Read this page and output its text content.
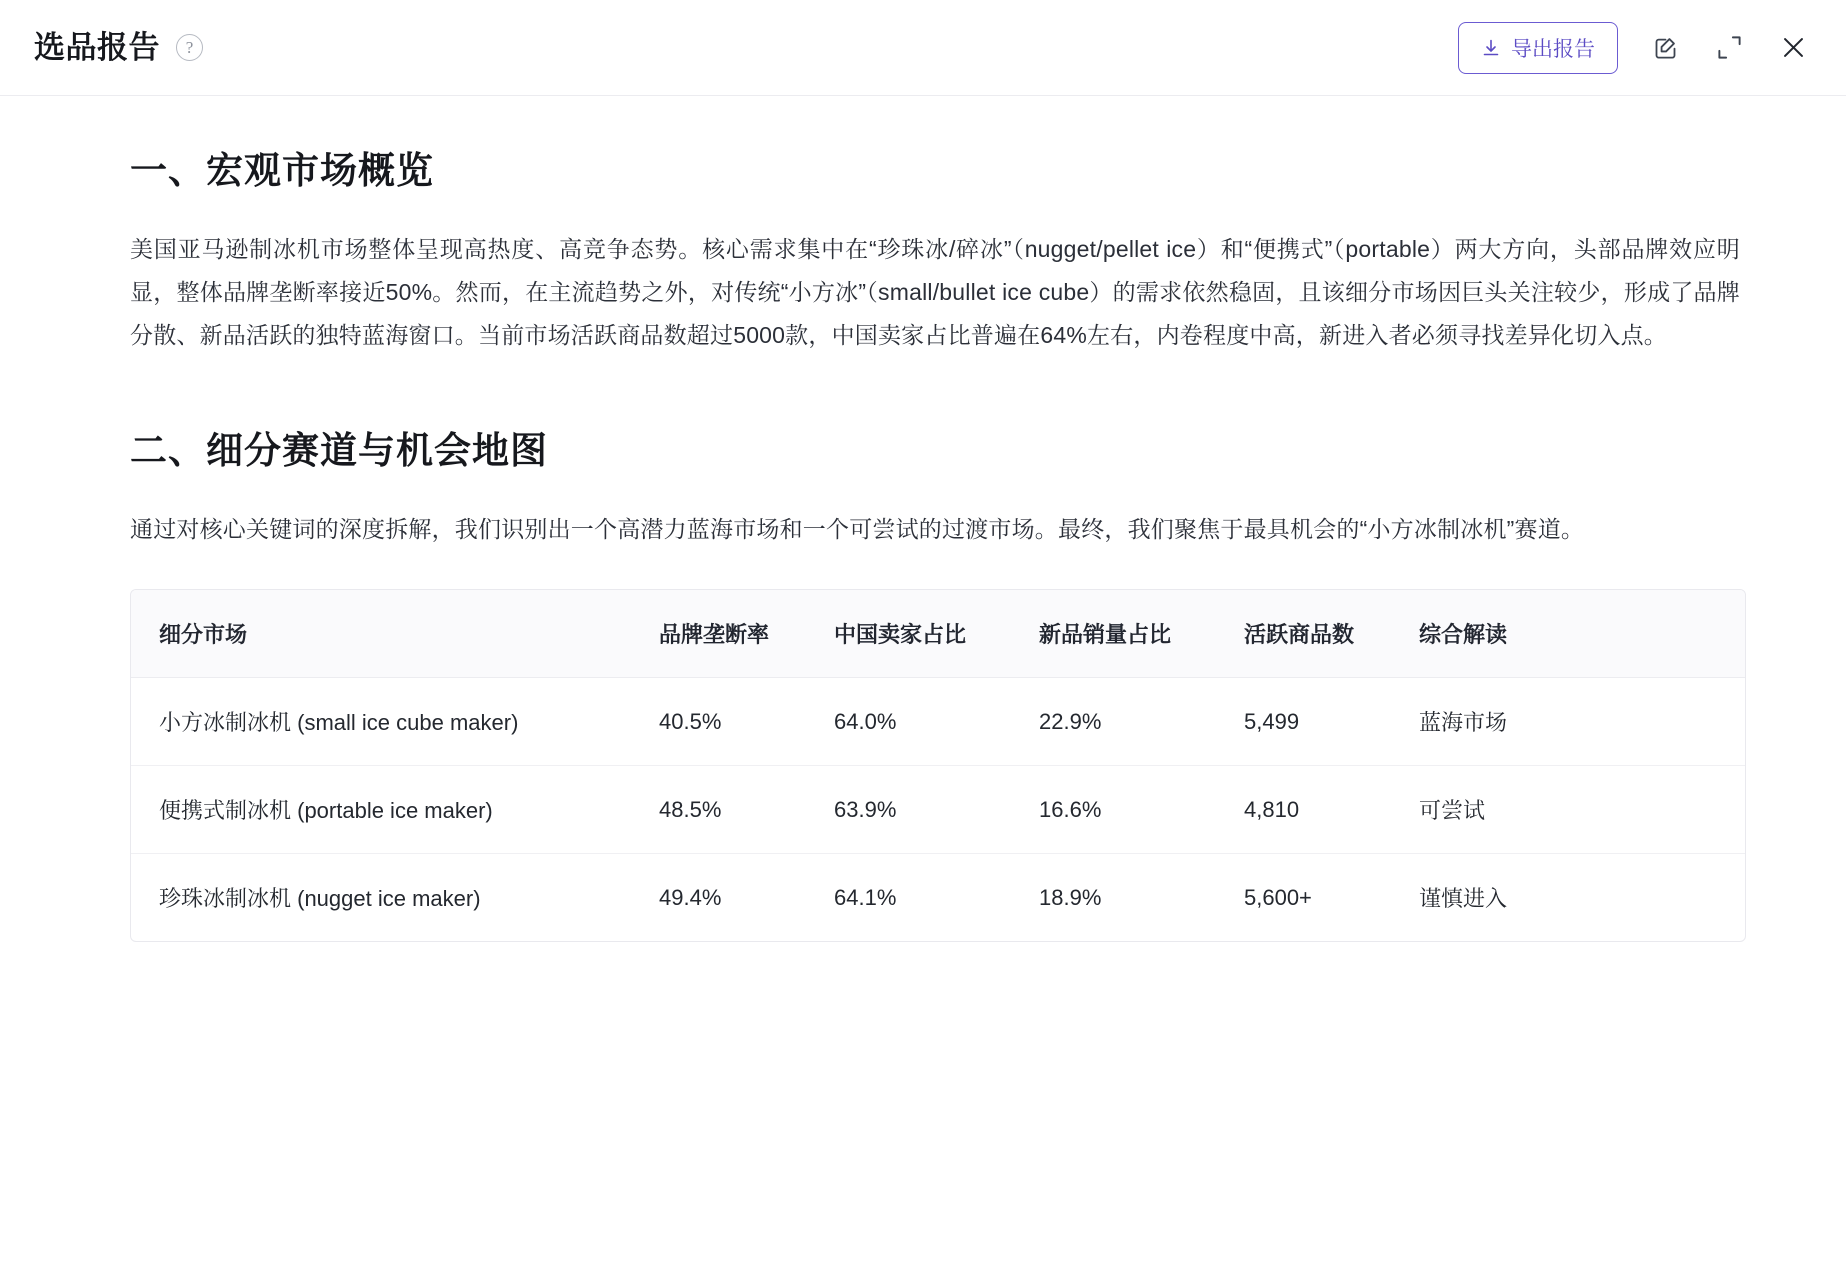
选品报告	?	导出报告
一、宏观市场概览

美国亚马逊制冰机市场整体呈现高热度、高竞争态势。核心需求集中在“珍珠冰/碎冰”（nugget/pellet ice）和“便携式”（portable）两大方向，头部品牌效应明显，整体品牌垄断率接近50%。然而，在主流趋势之外，对传统“小方冰”（small/bullet ice cube）的需求依然稳固，且该细分市场因巨头关注较少，形成了品牌分散、新品活跃的独特蓝海窗口。当前市场活跃商品数超过5000款，中国卖家占比普遍在64%左右，内卷程度中高，新进入者必须寻找差异化切入点。

二、细分赛道与机会地图

通过对核心关键词的深度拆解，我们识别出一个高潜力蓝海市场和一个可尝试的过渡市场。最终，我们聚焦于最具机会的“小方冰制冰机”赛道。

细分市场	品牌垄断率	中国卖家占比	新品销量占比	活跃商品数	综合解读
小方冰制冰机 (small ice cube maker)	40.5%	64.0%	22.9%	5,499	蓝海市场
便携式制冰机 (portable ice maker)	48.5%	63.9%	16.6%	4,810	可尝试
珍珠冰制冰机 (nugget ice maker)	49.4%	64.1%	18.9%	5,600+	谨慎进入
